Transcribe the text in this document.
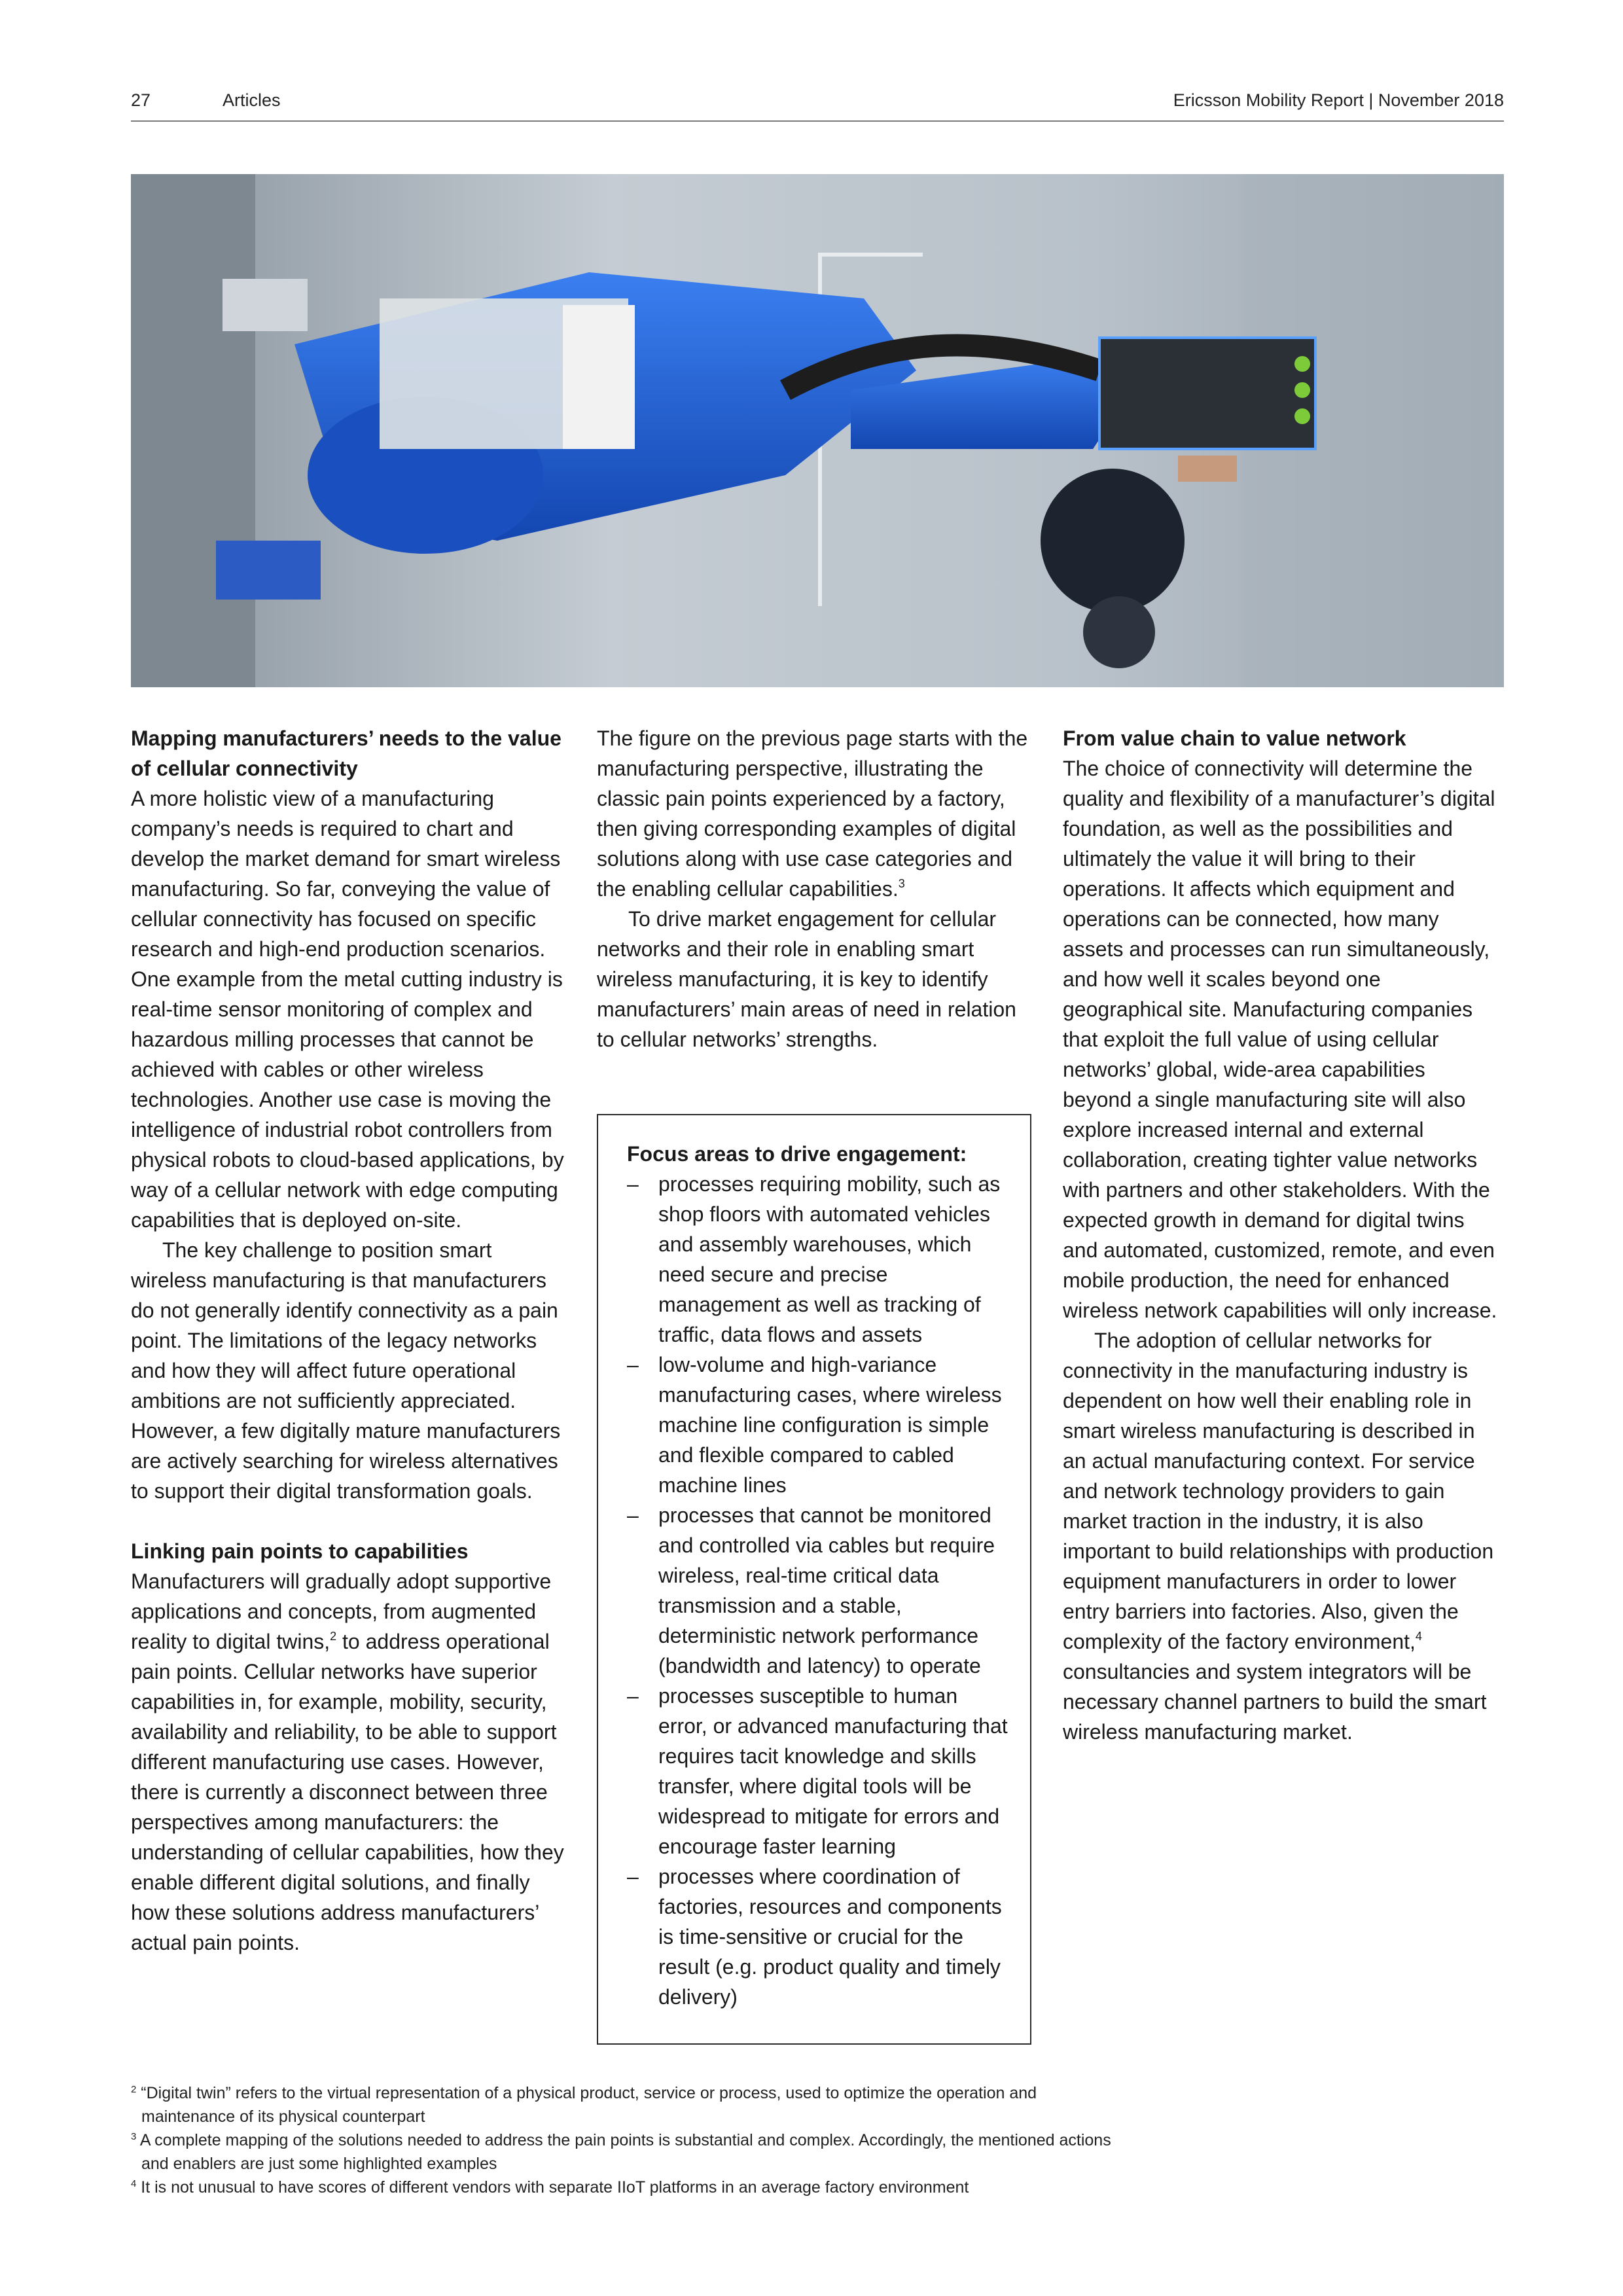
27	Articles	Ericsson Mobility Report | November 2018
Mapping manufacturers’ needs to the value of cellular connectivity

A more holistic view of a manufacturing company’s needs is required to chart and develop the market demand for smart wireless manufacturing. So far, conveying the value of cellular connectivity has focused on specific research and high-end production scenarios. One example from the metal cutting industry is real-time sensor monitoring of complex and hazardous milling processes that cannot be achieved with cables or other wireless technologies. Another use case is moving the intelligence of industrial robot controllers from physical robots to cloud-based applications, by way of a cellular network with edge computing capabilities that is deployed on-site.

The key challenge to position smart wireless manufacturing is that manufacturers do not generally identify connectivity as a pain point. The limitations of the legacy networks and how they will affect future operational ambitions are not sufficiently appreciated. However, a few digitally mature manufacturers are actively searching for wireless alternatives to support their digital transformation goals.

Linking pain points to capabilities

Manufacturers will gradually adopt supportive applications and concepts, from augmented reality to digital twins,$^2$ to address operational pain points. Cellular networks have superior capabilities in, for example, mobility, security, availability and reliability, to be able to support different manufacturing use cases. However, there is currently a disconnect between three perspectives among manufacturers: the understanding of cellular capabilities, how they enable different digital solutions, and finally how these solutions address manufacturers’ actual pain points.

The figure on the previous page starts with the manufacturing perspective, illustrating the classic pain points experienced by a factory, then giving corresponding examples of digital solutions along with use case categories and the enabling cellular capabilities.$^3$

To drive market engagement for cellular networks and their role in enabling smart wireless manufacturing, it is key to identify manufacturers’ main areas of need in relation to cellular networks’ strengths.

Focus areas to drive engagement:
– processes requiring mobility, such as shop floors with automated vehicles and assembly warehouses, which need secure and precise management as well as tracking of traffic, data flows and assets
– low-volume and high-variance manufacturing cases, where wireless machine line configuration is simple and flexible compared to cabled machine lines
– processes that cannot be monitored and controlled via cables but require wireless, real-time critical data transmission and a stable, deterministic network performance (bandwidth and latency) to operate
– processes susceptible to human error, or advanced manufacturing that requires tacit knowledge and skills transfer, where digital tools will be widespread to mitigate for errors and encourage faster learning
– processes where coordination of factories, resources and components is time-sensitive or crucial for the result (e.g. product quality and timely delivery)
From value chain to value network

The choice of connectivity will determine the quality and flexibility of a manufacturer’s digital foundation, as well as the possibilities and ultimately the value it will bring to their operations. It affects which equipment and operations can be connected, how many assets and processes can run simultaneously, and how well it scales beyond one geographical site. Manufacturing companies that exploit the full value of using cellular networks’ global, wide-area capabilities beyond a single manufacturing site will also explore increased internal and external collaboration, creating tighter value networks with partners and other stakeholders. With the expected growth in demand for digital twins and automated, customized, remote, and even mobile production, the need for enhanced wireless network capabilities will only increase.

The adoption of cellular networks for connectivity in the manufacturing industry is dependent on how well their enabling role in smart wireless manufacturing is described in an actual manufacturing context. For service and network technology providers to gain market traction in the industry, it is also important to build relationships with production equipment manufacturers in order to lower entry barriers into factories. Also, given the complexity of the factory environment,$^4$ consultancies and system integrators will be necessary channel partners to build the smart wireless manufacturing market.

$^2$ “Digital twin” refers to the virtual representation of a physical product, service or process, used to optimize the operation and maintenance of its physical counterpart
$^3$ A complete mapping of the solutions needed to address the pain points is substantial and complex. Accordingly, the mentioned actions and enablers are just some highlighted examples
$^4$ It is not unusual to have scores of different vendors with separate IIoT platforms in an average factory environment
